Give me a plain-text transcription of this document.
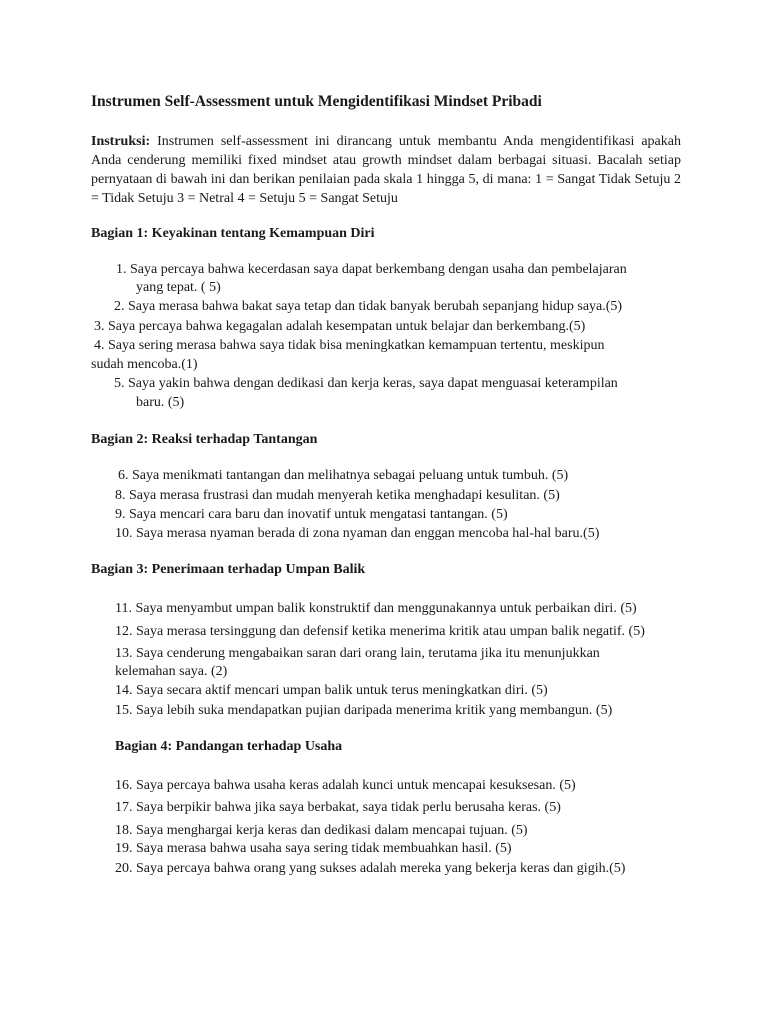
Instrumen Self-Assessment untuk Mengidentifikasi Mindset Pribadi

Instruksi: Instrumen self-assessment ini dirancang untuk membantu Anda mengidentifikasi apakah Anda cenderung memiliki fixed mindset atau growth mindset dalam berbagai situasi. Bacalah setiap pernyataan di bawah ini dan berikan penilaian pada skala 1 hingga 5, di mana: 1 = Sangat Tidak Setuju 2 = Tidak Setuju 3 = Netral 4 = Setuju 5 = Sangat Setuju

Bagian 1: Keyakinan tentang Kemampuan Diri

1. Saya percaya bahwa kecerdasan saya dapat berkembang dengan usaha dan pembelajaran

yang tepat. ( 5)

2. Saya merasa bahwa bakat saya tetap dan tidak banyak berubah sepanjang hidup saya.(5)

3. Saya percaya bahwa kegagalan adalah kesempatan untuk belajar dan berkembang.(5)

4. Saya sering merasa bahwa saya tidak bisa meningkatkan kemampuan tertentu, meskipun

sudah mencoba.(1)

5. Saya yakin bahwa dengan dedikasi dan kerja keras, saya dapat menguasai keterampilan

baru. (5)

Bagian 2: Reaksi terhadap Tantangan

6. Saya menikmati tantangan dan melihatnya sebagai peluang untuk tumbuh. (5)

8. Saya merasa frustrasi dan mudah menyerah ketika menghadapi kesulitan. (5)

9. Saya mencari cara baru dan inovatif untuk mengatasi tantangan. (5)

10. Saya merasa nyaman berada di zona nyaman dan enggan mencoba hal-hal baru.(5)

Bagian 3: Penerimaan terhadap Umpan Balik

11. Saya menyambut umpan balik konstruktif dan menggunakannya untuk perbaikan diri. (5)

12. Saya merasa tersinggung dan defensif ketika menerima kritik atau umpan balik negatif. (5)

13. Saya cenderung mengabaikan saran dari orang lain, terutama jika itu menunjukkan

kelemahan saya. (2)

14. Saya secara aktif mencari umpan balik untuk terus meningkatkan diri. (5)

15. Saya lebih suka mendapatkan pujian daripada menerima kritik yang membangun. (5)

Bagian 4: Pandangan terhadap Usaha

16. Saya percaya bahwa usaha keras adalah kunci untuk mencapai kesuksesan. (5)

17. Saya berpikir bahwa jika saya berbakat, saya tidak perlu berusaha keras. (5)

18. Saya menghargai kerja keras dan dedikasi dalam mencapai tujuan. (5)

19. Saya merasa bahwa usaha saya sering tidak membuahkan hasil. (5)

20. Saya percaya bahwa orang yang sukses adalah mereka yang bekerja keras dan gigih.(5)
